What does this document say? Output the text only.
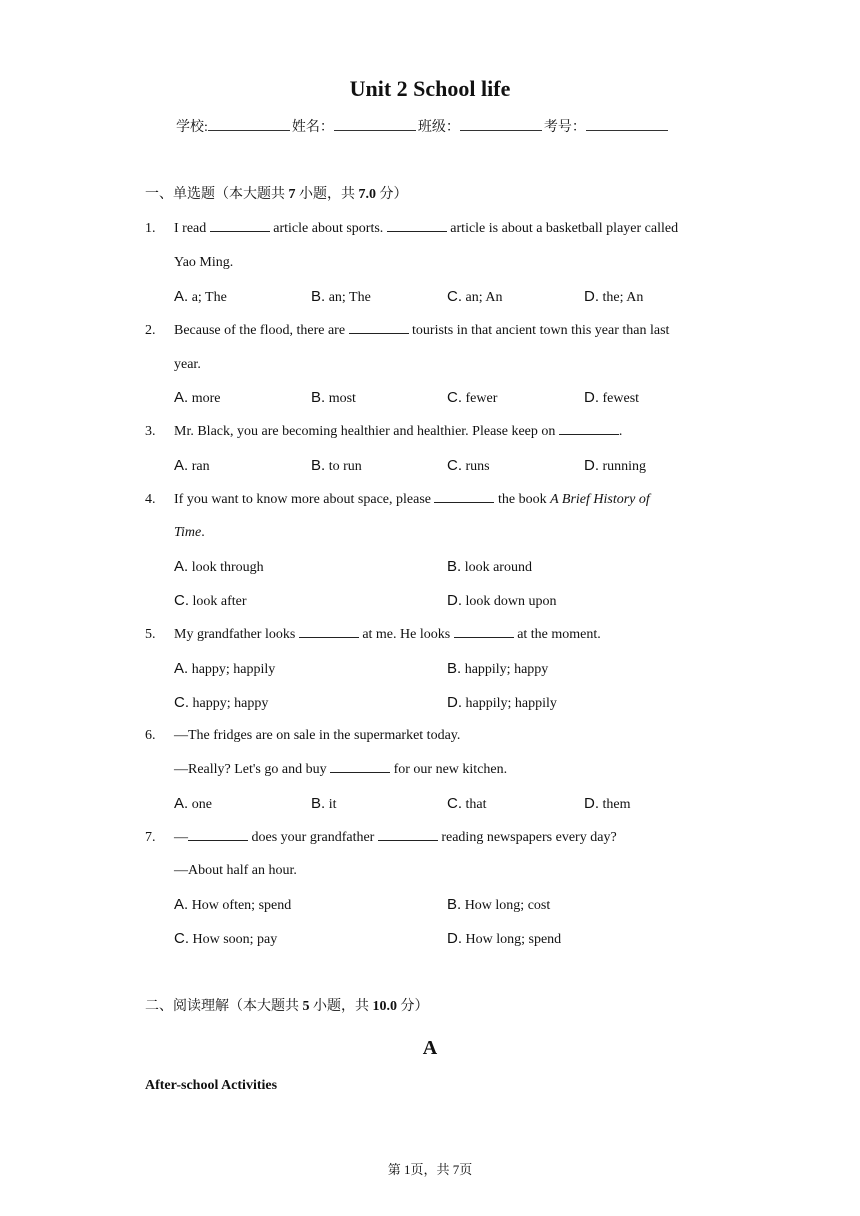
Unit 2 School life
学校:	姓名：	班级：	考号：
一、单选题（本大题共 7 小题，共 7.0 分）
1. I read	article about sports.	article is about a basketball player called
Yao Ming.
A. a; The	B. an; The	C. an; An	D. the; An
2. Because of the flood, there are	tourists in that ancient town this year than last
year.
A. more	B. most	C. fewer	D. fewest
3. Mr. Black, you are becoming healthier and healthier. Please keep on	.
A. ran	B. to run	C. runs	D. running
4. If you want to know more about space, please	the book A Brief History of
Time.
A. look through	B. look around
C. look after	D. look down upon
5. My grandfather looks	at me. He looks	at the moment.
A. happy; happily	B. happily; happy
C. happy; happy	D. happily; happily
6. —The fridges are on sale in the supermarket today.
—Really? Let's go and buy	for our new kitchen.
A. one	B. it	C. that	D. them
7. —	does your grandfather	reading newspapers every day?
—About half an hour.
A. How often; spend	B. How long; cost
C. How soon; pay	D. How long; spend
二、阅读理解（本大题共 5 小题，共 10.0 分）
A
After-school Activities
第 1页，共 7页
